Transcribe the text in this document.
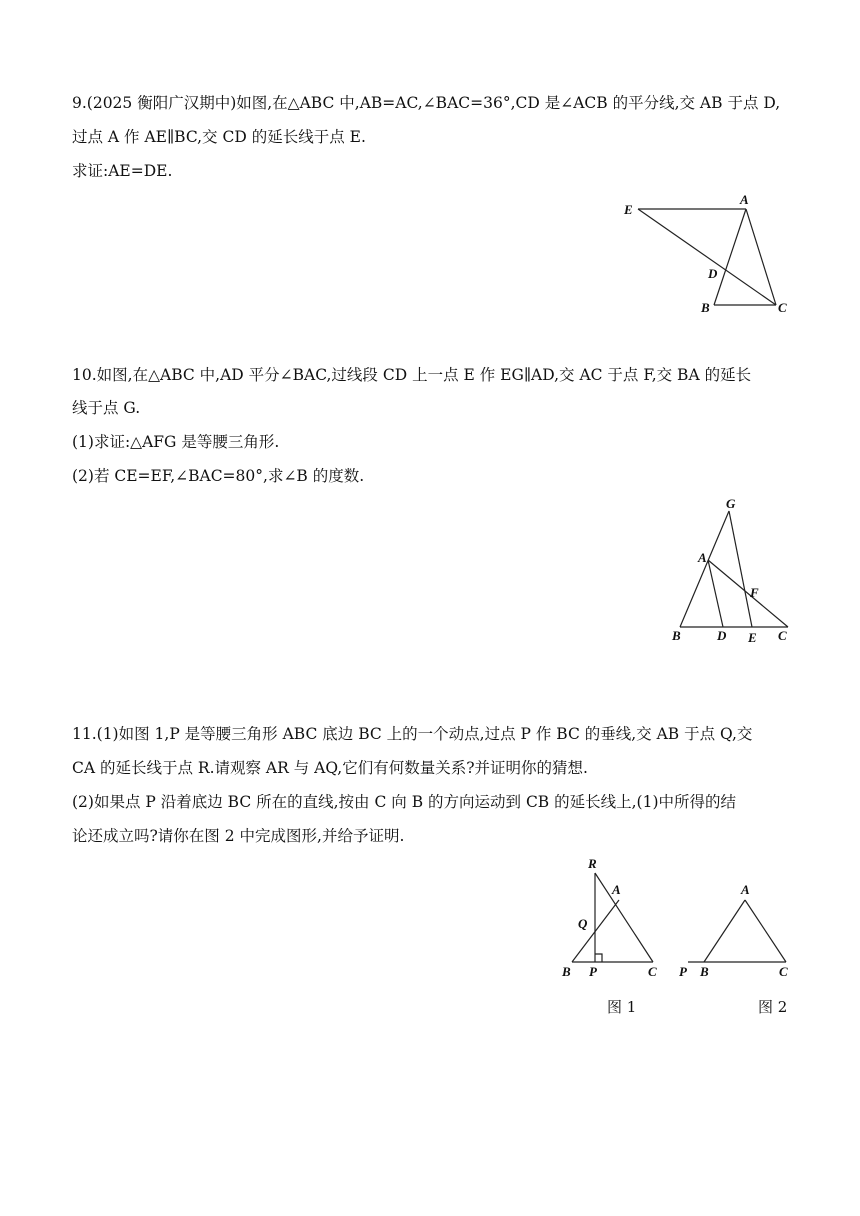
9.(2025 衡阳广汉期中)如图,在△ABC 中,AB=AC,∠BAC=36°,CD 是∠ACB 的平分线,交 AB 于点 D,
过点 A 作 AE∥BC,交 CD 的延长线于点 E.
求证:AE=DE.
E
A
D
B	C
10.如图,在△ABC 中,AD 平分∠BAC,过线段 CD 上一点 E 作 EG∥AD,交 AC 于点 F,交 BA 的延长
线于点 G.
(1)求证:△AFG 是等腰三角形.
(2)若 CE=EF,∠BAC=80°,求∠B 的度数.
G
A
F
B	D E C
11.(1)如图 1,P 是等腰三角形 ABC 底边 BC 上的一个动点,过点 P 作 BC 的垂线,交 AB 于点 Q,交
CA 的延长线于点 R.请观察 AR 与 AQ,它们有何数量关系?并证明你的猜想.
(2)如果点 P 沿着底边 BC 所在的直线,按由 C 向 B 的方向运动到 CB 的延长线上,(1)中所得的结
论还成立吗?请你在图 2 中完成图形,并给予证明.
R
A
Q
B P	C
图 1
A
P B	C
图 2
